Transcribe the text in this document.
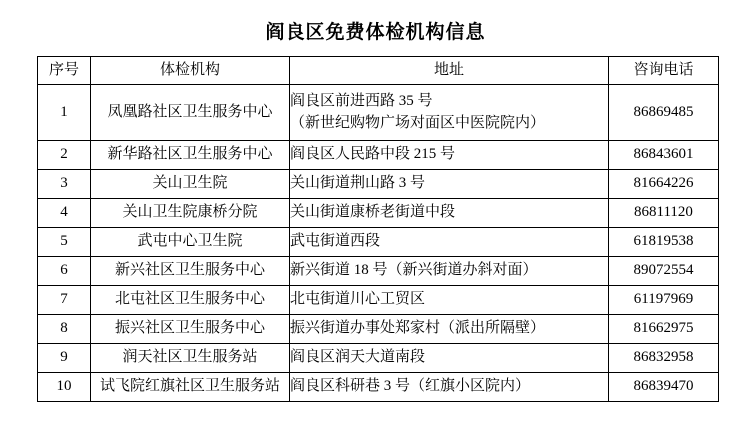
阎良区免费体检机构信息
序号	体检机构	地址	咨询电话
1	凤凰路社区卫生服务中心	阎良区前进西路 35 号
（新世纪购物广场对面区中医院院内）	86869485
2	新华路社区卫生服务中心	阎良区人民路中段 215 号	86843601
3	关山卫生院	关山街道荆山路 3 号	81664226
4	关山卫生院康桥分院	关山街道康桥老街道中段	86811120
5	武屯中心卫生院	武屯街道西段	61819538
6	新兴社区卫生服务中心	新兴街道 18 号（新兴街道办斜对面）	89072554
7	北屯社区卫生服务中心	北屯街道川心工贸区	61197969
8	振兴社区卫生服务中心	振兴街道办事处郑家村（派出所隔壁）	81662975
9	润天社区卫生服务站	阎良区润天大道南段	86832958
10	试飞院红旗社区卫生服务站	阎良区科研巷 3 号（红旗小区院内）	86839470
